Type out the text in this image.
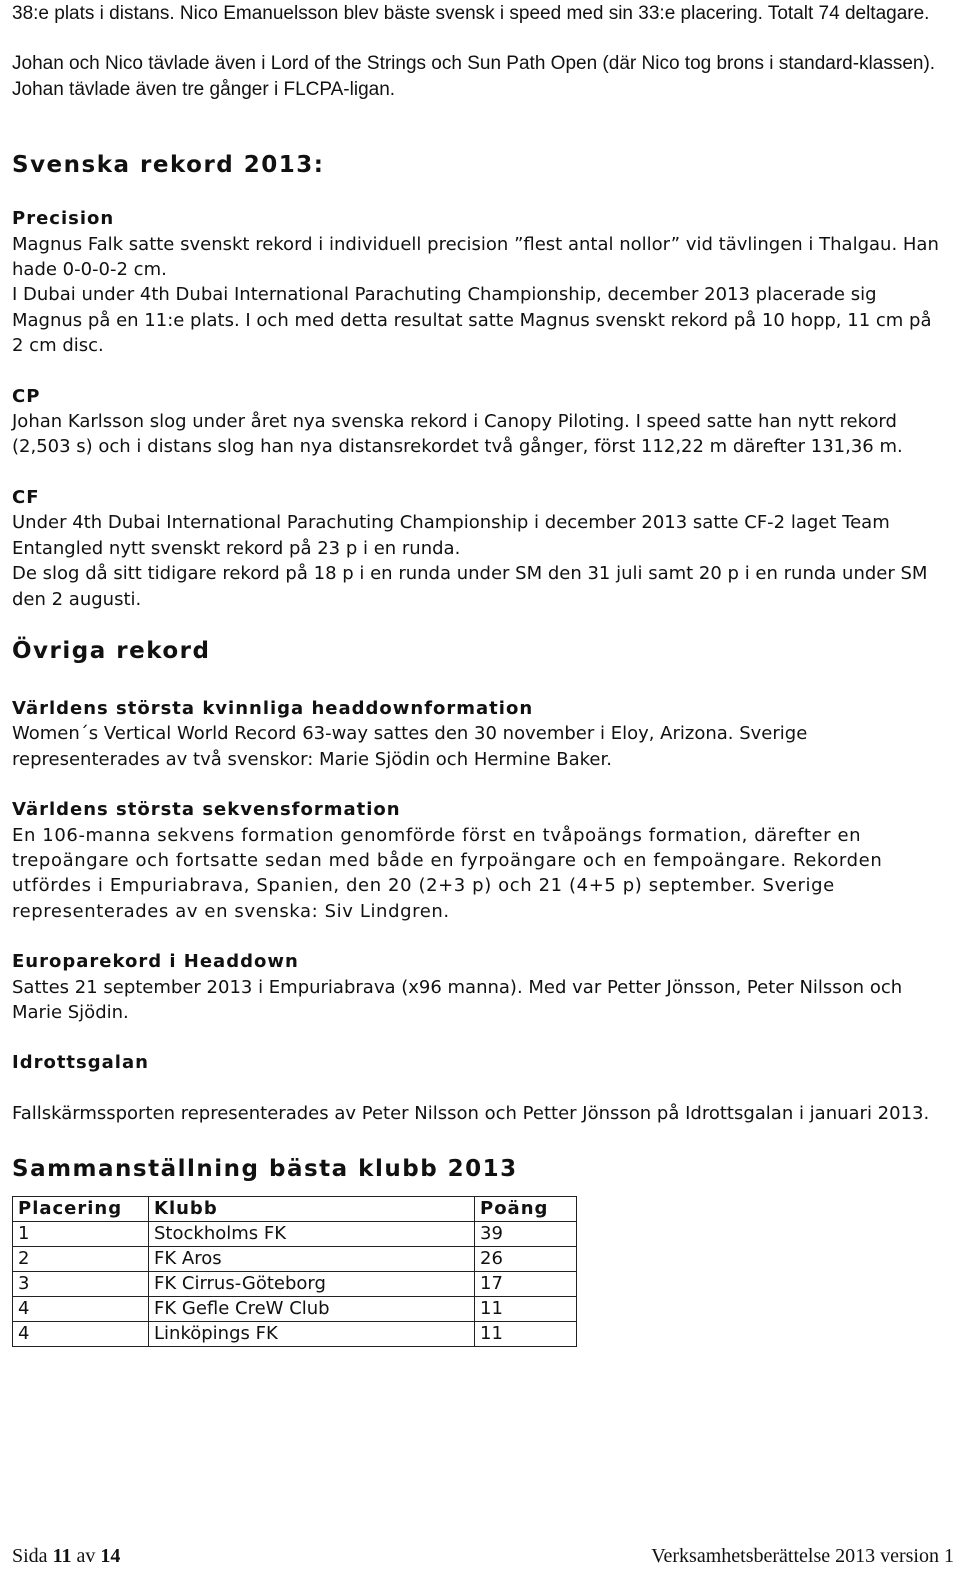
38:e plats i distans. Nico Emanuelsson blev bäste svensk i speed med sin 33:e placering. Totalt 74 deltagare.

Johan och Nico tävlade även i Lord of the Strings och Sun Path Open (där Nico tog brons i standard-klassen). Johan tävlade även tre gånger i FLCPA-ligan.

Svenska rekord 2013:

Precision

Magnus Falk satte svenskt rekord i individuell precision ”flest antal nollor” vid tävlingen i Thalgau. Han hade 0-0-0-2 cm.

I Dubai under 4th Dubai International Parachuting Championship, december 2013 placerade sig Magnus på en 11:e plats. I och med detta resultat satte Magnus svenskt rekord på 10 hopp, 11 cm på 2 cm disc.

CP

Johan Karlsson slog under året nya svenska rekord i Canopy Piloting. I speed satte han nytt rekord (2,503 s) och i distans slog han nya distansrekordet två gånger, först 112,22 m därefter 131,36 m.

CF

Under 4th Dubai International Parachuting Championship i december 2013 satte CF-2 laget Team Entangled nytt svenskt rekord på 23 p i en runda.

De slog då sitt tidigare rekord på 18 p i en runda under SM den 31 juli samt 20 p i en runda under SM den 2 augusti.

Övriga rekord

Världens största kvinnliga headdownformation

Women´s Vertical World Record 63-way sattes den 30 november i Eloy, Arizona. Sverige representerades av två svenskor: Marie Sjödin och Hermine Baker.

Världens största sekvensformation

En 106-manna sekvens formation genomförde först en tvåpoängs formation, därefter en trepoängare och fortsatte sedan med både en fyrpoängare och en fempoängare. Rekorden utfördes i Empuriabrava, Spanien, den 20 (2+3 p) och 21 (4+5 p) september. Sverige representerades av en svenska: Siv Lindgren.

Europarekord i Headdown

Sattes 21 september 2013 i Empuriabrava (x96 manna). Med var Petter Jönsson, Peter Nilsson och Marie Sjödin.

Idrottsgalan

Fallskärmssporten representerades av Peter Nilsson och Petter Jönsson på Idrottsgalan i januari 2013.

Sammanställning bästa klubb 2013

Placering	Klubb	Poäng
1	Stockholms FK	39
2	FK Aros	26
3	FK Cirrus-Göteborg	17
4	FK Gefle CreW Club	11
4	Linköpings FK	11
Sida 11 av 14	Verksamhetsberättelse 2013 version 1
